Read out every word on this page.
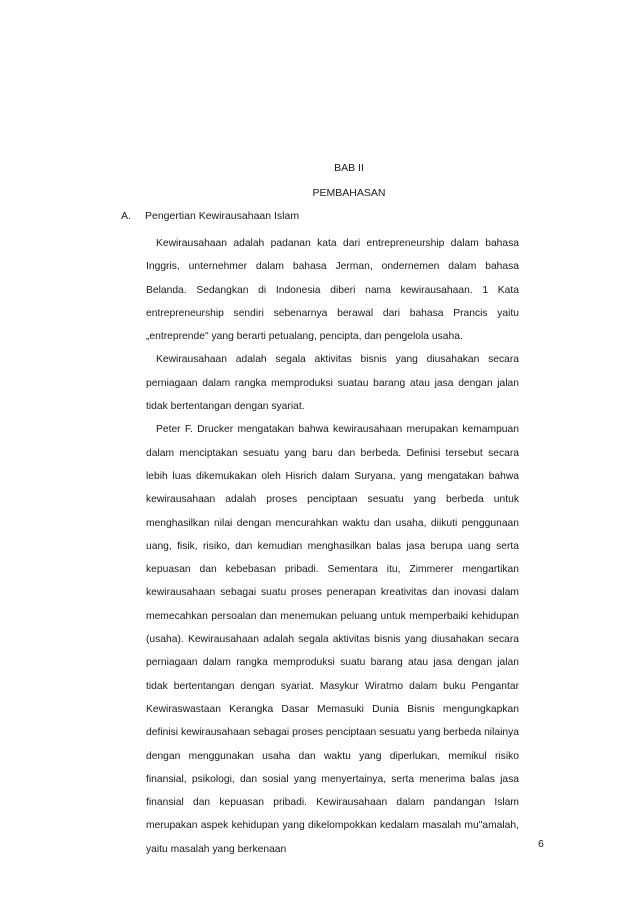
BAB II
PEMBAHASAN
A. Pengertian Kewirausahaan Islam

Kewirausahaan adalah padanan kata dari entrepreneurship dalam bahasa Inggris, unternehmer dalam bahasa Jerman, ondernemen dalam bahasa Belanda. Sedangkan di Indonesia diberi nama kewirausahaan. 1 Kata entrepreneurship sendiri sebenarnya berawal dari bahasa Prancis yaitu „entreprende" yang berarti petualang, pencipta, dan pengelola usaha.

Kewirausahaan adalah segala aktivitas bisnis yang diusahakan secara perniagaan dalam rangka memproduksi suatau barang atau jasa dengan jalan tidak bertentangan dengan syariat.

Peter F. Drucker mengatakan bahwa kewirausahaan merupakan kemampuan dalam menciptakan sesuatu yang baru dan berbeda. Definisi tersebut secara lebih luas dikemukakan oleh Hisrich dalam Suryana, yang mengatakan bahwa kewirausahaan adalah proses penciptaan sesuatu yang berbeda untuk menghasilkan nilai dengan mencurahkan waktu dan usaha, diikuti penggunaan uang, fisik, risiko, dan kemudian menghasilkan balas jasa berupa uang serta kepuasan dan kebebasan pribadi. Sementara itu, Zimmerer mengartikan kewirausahaan sebagai suatu proses penerapan kreativitas dan inovasi dalam memecahkan persoalan dan menemukan peluang untuk memperbaiki kehidupan (usaha). Kewirausahaan adalah segala aktivitas bisnis yang diusahakan secara perniagaan dalam rangka memproduksi suatu barang atau jasa dengan jalan tidak bertentangan dengan syariat. Masykur Wiratmo dalam buku Pengantar Kewiraswastaan Kerangka Dasar Memasuki Dunia Bisnis mengungkapkan definisi kewirausahaan sebagai proses penciptaan sesuatu yang berbeda nilainya dengan menggunakan usaha dan waktu yang diperlukan, memikul risiko finansial, psikologi, dan sosial yang menyertainya, serta menerima balas jasa finansial dan kepuasan pribadi. Kewirausahaan dalam pandangan Islam merupakan aspek kehidupan yang dikelompokkan kedalam masalah mu"amalah, yaitu masalah yang berkenaan	6
